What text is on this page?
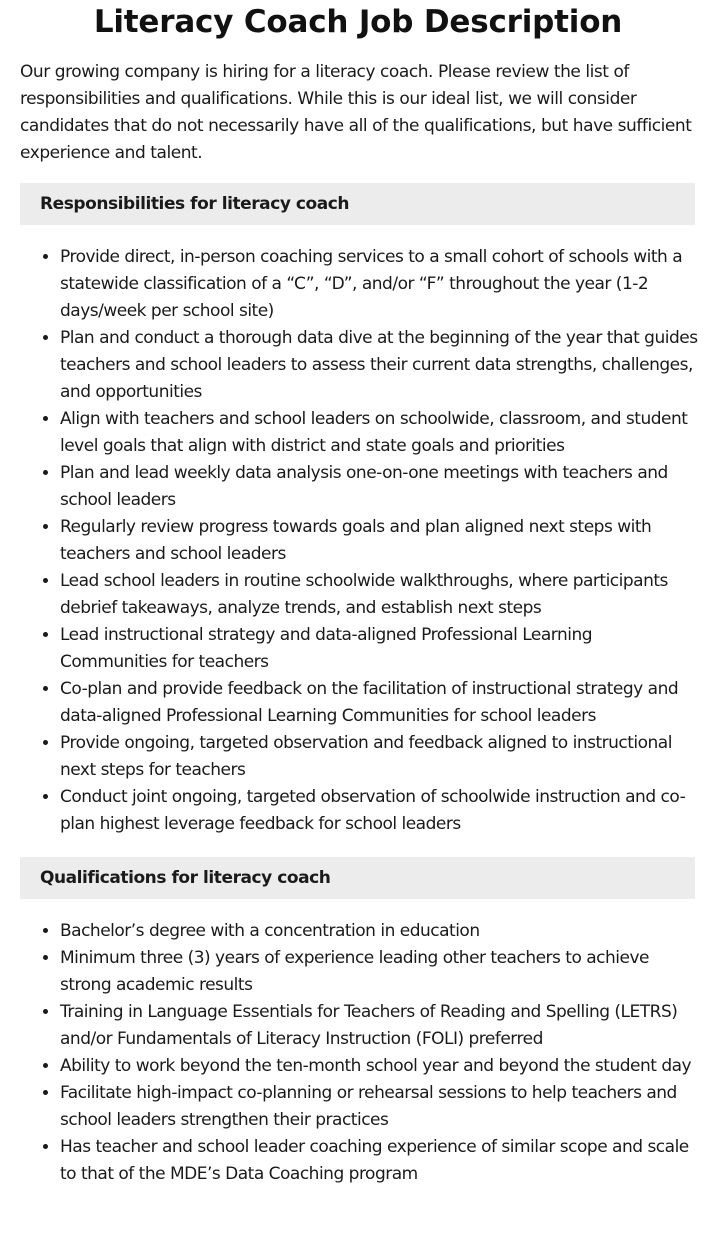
Literacy Coach Job Description

Our growing company is hiring for a literacy coach. Please review the list of responsibilities and qualifications. While this is our ideal list, we will consider candidates that do not necessarily have all of the qualifications, but have sufficient experience and talent.

Responsibilities for literacy coach
• Provide direct, in-person coaching services to a small cohort of schools with a statewide classification of a “C”, “D”, and/or “F” throughout the year (1-2 days/week per school site)
• Plan and conduct a thorough data dive at the beginning of the year that guides teachers and school leaders to assess their current data strengths, challenges, and opportunities
• Align with teachers and school leaders on schoolwide, classroom, and student level goals that align with district and state goals and priorities
• Plan and lead weekly data analysis one-on-one meetings with teachers and school leaders
• Regularly review progress towards goals and plan aligned next steps with teachers and school leaders
• Lead school leaders in routine schoolwide walkthroughs, where participants debrief takeaways, analyze trends, and establish next steps
• Lead instructional strategy and data-aligned Professional Learning Communities for teachers
• Co-plan and provide feedback on the facilitation of instructional strategy and data-aligned Professional Learning Communities for school leaders
• Provide ongoing, targeted observation and feedback aligned to instructional next steps for teachers
• Conduct joint ongoing, targeted observation of schoolwide instruction and co-plan highest leverage feedback for school leaders
Qualifications for literacy coach
• Bachelor’s degree with a concentration in education
• Minimum three (3) years of experience leading other teachers to achieve strong academic results
• Training in Language Essentials for Teachers of Reading and Spelling (LETRS) and/or Fundamentals of Literacy Instruction (FOLI) preferred
• Ability to work beyond the ten-month school year and beyond the student day
• Facilitate high-impact co-planning or rehearsal sessions to help teachers and school leaders strengthen their practices
• Has teacher and school leader coaching experience of similar scope and scale to that of the MDE’s Data Coaching program
